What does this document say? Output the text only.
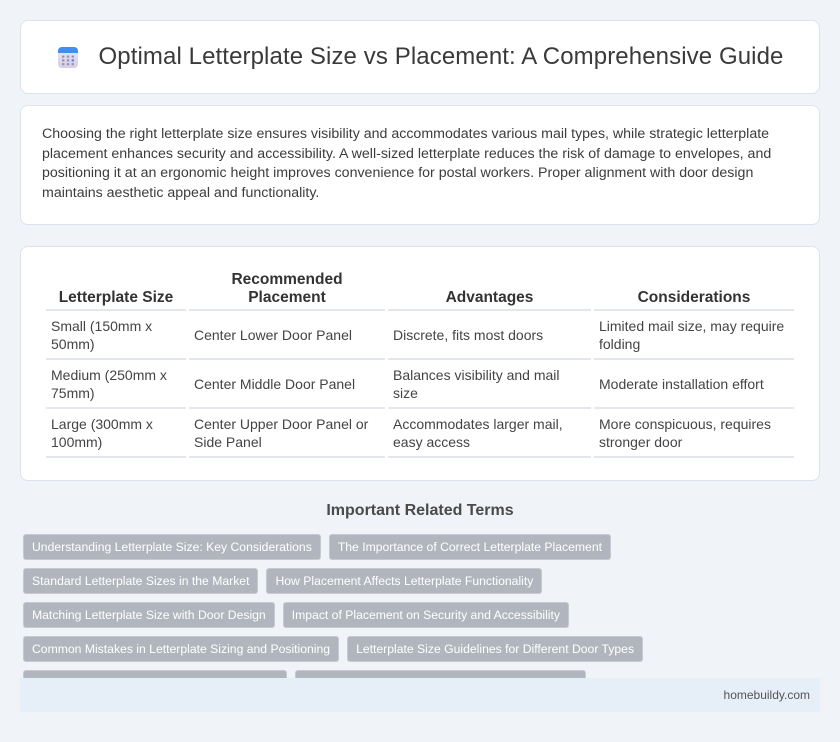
Optimal Letterplate Size vs Placement: A Comprehensive Guide

Choosing the right letterplate size ensures visibility and accommodates various mail types, while strategic letterplate placement enhances security and accessibility. A well-sized letterplate reduces the risk of damage to envelopes, and positioning it at an ergonomic height improves convenience for postal workers. Proper alignment with door design maintains aesthetic appeal and functionality.

Letterplate Size	Recommended Placement	Advantages	Considerations
Small (150mm x 50mm)	Center Lower Door Panel	Discrete, fits most doors	Limited mail size, may require folding
Medium (250mm x 75mm)	Center Middle Door Panel	Balances visibility and mail size	Moderate installation effort
Large (300mm x 100mm)	Center Upper Door Panel or Side Panel	Accommodates larger mail, easy access	More conspicuous, requires stronger door
Important Related Terms
Understanding Letterplate Size: Key Considerations	The Importance of Correct Letterplate Placement
Standard Letterplate Sizes in the Market	How Placement Affects Letterplate Functionality
Matching Letterplate Size with Door Design	Impact of Placement on Security and Accessibility
Common Mistakes in Letterplate Sizing and Positioning	Letterplate Size Guidelines for Different Door Types
homebuildy.com
